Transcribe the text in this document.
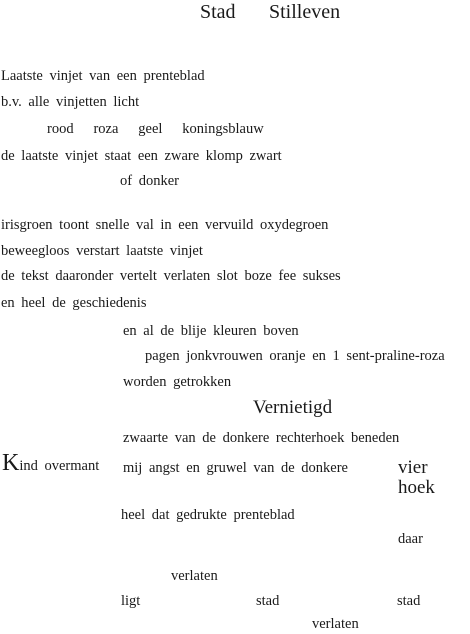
Stad Stilleven
Laatste vinjet van een prenteblad
b.v. alle vinjetten licht
rood   roza   geel   koningsblauw
de laatste vinjet staat een zware klomp zwart
of donker
irisgroen toont snelle val in een vervuild oxydegroen
beweegloos verstart laatste vinjet
de tekst daaronder vertelt verlaten slot boze fee sukses
en heel de geschiedenis
en al de blije kleuren boven
pagen jonkvrouwen oranje en 1 sent-praline-roza
worden getrokken
Vernietigd
zwaarte van de donkere rechterhoek beneden
Kind overmant mij angst en gruwel van de donkere	vier
hoek
heel dat gedrukte prenteblad
daar
verlaten
ligt	stad	stad
verlaten
